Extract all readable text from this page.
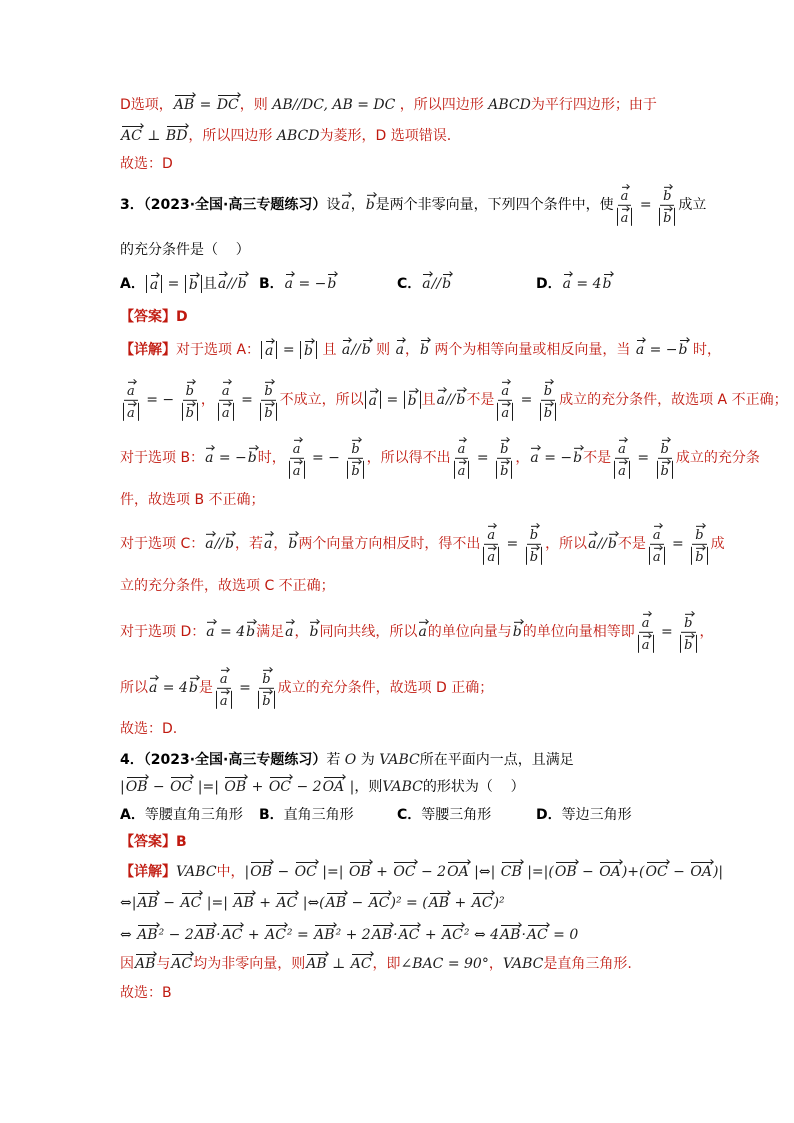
D选项，AB = DC，则 AB//DC, AB = DC ，所以四边形 ABCD为平行四边形；由于
AC ⊥ BD，所以四边形 ABCD为菱形，D 选项错误.
故选：D
3．（2023·全国·高三专题练习）设a，b是两个非零向量，下列四个条件中，使 $\frac{a}{a} = \frac{b}{b}$ 成立
的充分条件是（    ）
A． a = b 且a//b B．a = −b	C．a//b	D．a = 4b
【答案】D
【详解】对于选项 A： a = b 且 a//b 则 a，b 两个为相等向量或相反向量，当 a = −b 时，
$\frac{a}{a}$ = − $\frac{b}{b}$ ， $\frac{a}{a} = \frac{b}{b}$ 不成立，所以 a = b 且a//b不是 $\frac{a}{a} = \frac{b}{b}$ 成立的充分条件，故选项 A 不正确；
对于选项 B：a = −b时， $\frac{a}{a}$ = − $\frac{b}{b}$ ，所以得不出 $\frac{a}{a} = \frac{b}{b}$ ，a = −b不是 $\frac{a}{a} = \frac{b}{b}$ 成立的充分条
件，故选项 B 不正确；
对于选项 C：a//b，若a，b两个向量方向相反时，得不出 $\frac{a}{a} = \frac{b}{b}$ ，所以a//b不是 $\frac{a}{a} = \frac{b}{b}$ 成
立的充分条件，故选项 C 不正确；
对于选项 D：a = 4b满足a，b同向共线，所以a的单位向量与b的单位向量相等即 $\frac{a}{a} = \frac{b}{b}$ ，
所以a = 4b是 $\frac{a}{a} = \frac{b}{b}$ 成立的充分条件，故选项 D 正确；
故选：D.
4．（2023·全国·高三专题练习）若 O 为 VABC所在平面内一点，且满足
|OB − OC |=| OB + OC − 2OA |，则VABC的形状为（    ）
A．等腰直角三角形	B．直角三角形	C．等腰三角形	D．等边三角形
【答案】B
【详解】VABC中，|OB − OC |=| OB + OC − 2OA |⇔| CB |=|(OB − OA)+(OC − OA)|
⇔|AB − AC |=| AB + AC |⇔(AB − AC)² = (AB + AC)²
⇔ AB² − 2AB·AC + AC² = AB² + 2AB·AC + AC² ⇔ 4AB·AC = 0
因AB与AC均为非零向量，则AB ⊥ AC，即∠BAC = 90°，VABC是直角三角形.
故选：B
